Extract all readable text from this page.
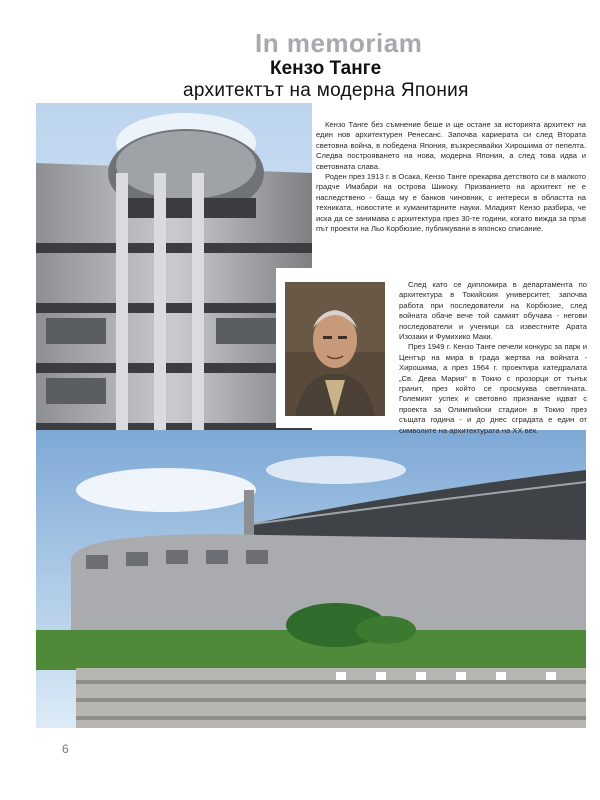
In memoriam
Кензо Танге
архитектът на модерна Япония

Кензо Танге без съмнение беше и ще остане за историята архитект на един нов архитектурен Ренесанс. Започва кариерата си след Втората световна война, в победена Япония, възкресявайки Хирошима от пепелта. Следва построяването на нова, модерна Япония, а след това идва и световната слава.

Роден през 1913 г. в Осака, Кензо Танге прекарва детството си в малкото градче Имабари на острова Шикоку. Призванието на архитект не е наследствено - баща му е банков чиновник, с интереси в областта на техниката, новостите и хуманитарните науки. Младият Кензо разбира, че иска да се занимава с архитектура през 30-те години, когато вижда за пръв път проекти на Льо Корбюзие, публикувани в японско списание.

След като се дипломира в департамента по архитектура в Токийския университет, започва работа при последователи на Корбюзие, след войната обаче вече той самият обучава - негови последователи и ученици са известните Арата Изозаки и Фумихико Маки.

През 1949 г. Кензо Танге печели конкурс за парк и Център на мира в града жертва на войната - Хирошима, а през 1964 г. проектира катедралата „Св. Дева Мария“ в Токио с прозорци от тънък гранит, през който се просмуква светлината. Големият успех и световно признание идват с проекта за Олимпийски стадион в Токио през същата година - и до днес сградата е един от символите на архитектурата на XX век.

6
